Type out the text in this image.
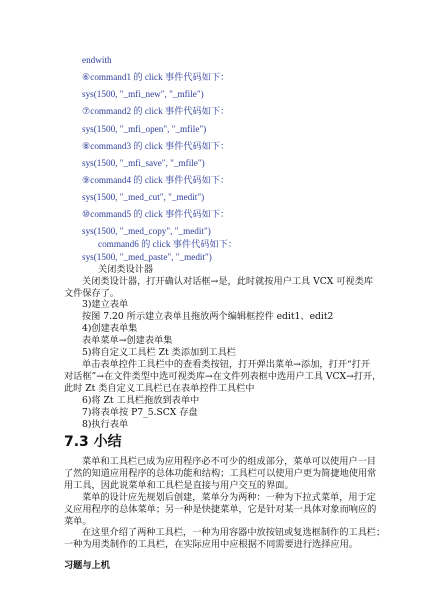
endwith
⑥command1 的 click 事件代码如下：
sys(1500, "_mfi_new", "_mfile")
⑦command2 的 click 事件代码如下：
sys(1500, "_mfi_open", "_mfile")
⑧command3 的 click 事件代码如下：
sys(1500, "_mfi_save", "_mfile")
⑨command4 的 click 事件代码如下：
sys(1500, "_med_cut", "_medit")
⑩command5 的 click 事件代码如下：
sys(1500, "_med_copy", "_medit")
command6 的 click 事件代码如下：
sys(1500, "_med_paste", "_medit")
关闭类设计器
关闭类设计器，打开确认对话框→是，此时就按用户工具 VCX 可视类库
文件保存了。
3)建立表单
按图 7.20 所示建立表单且拖放两个编辑框控件 edit1、edit2
4)创建表单集
表单菜单→创建表单集
5)将自定义工具栏 Zt 类添加到工具栏
单击表单控件工具栏中的查看类按钮，打开弹出菜单→添加，打开“打开
对话框”→在文件类型中选可视类库→在文件列表框中选用户工具 VCX→打开，
此时 Zt 类自定义工具栏已在表单控件工具栏中
6)将 Zt 工具栏拖放到表单中
7)将表单按 P7_5.SCX 存盘
8)执行表单
7.3 小结
菜单和工具栏已成为应用程序必不可少的组成部分，菜单可以使用户一目
了然的知道应用程序的总体功能和结构；工具栏可以使用户更为简捷地使用常
用工具，因此说菜单和工具栏是直接与用户交互的界面。
菜单的设计应先规划后创建，菜单分为两种：一种为下拉式菜单，用于定
义应用程序的总体菜单；另一种是快捷菜单，它是针对某一具体对象而响应的
菜单。
在这里介绍了两种工具栏，一种为用容器中放按钮或复选框制作的工具栏；
一种为用类制作的工具栏，在实际应用中应根据不同需要进行选择应用。
习题与上机
